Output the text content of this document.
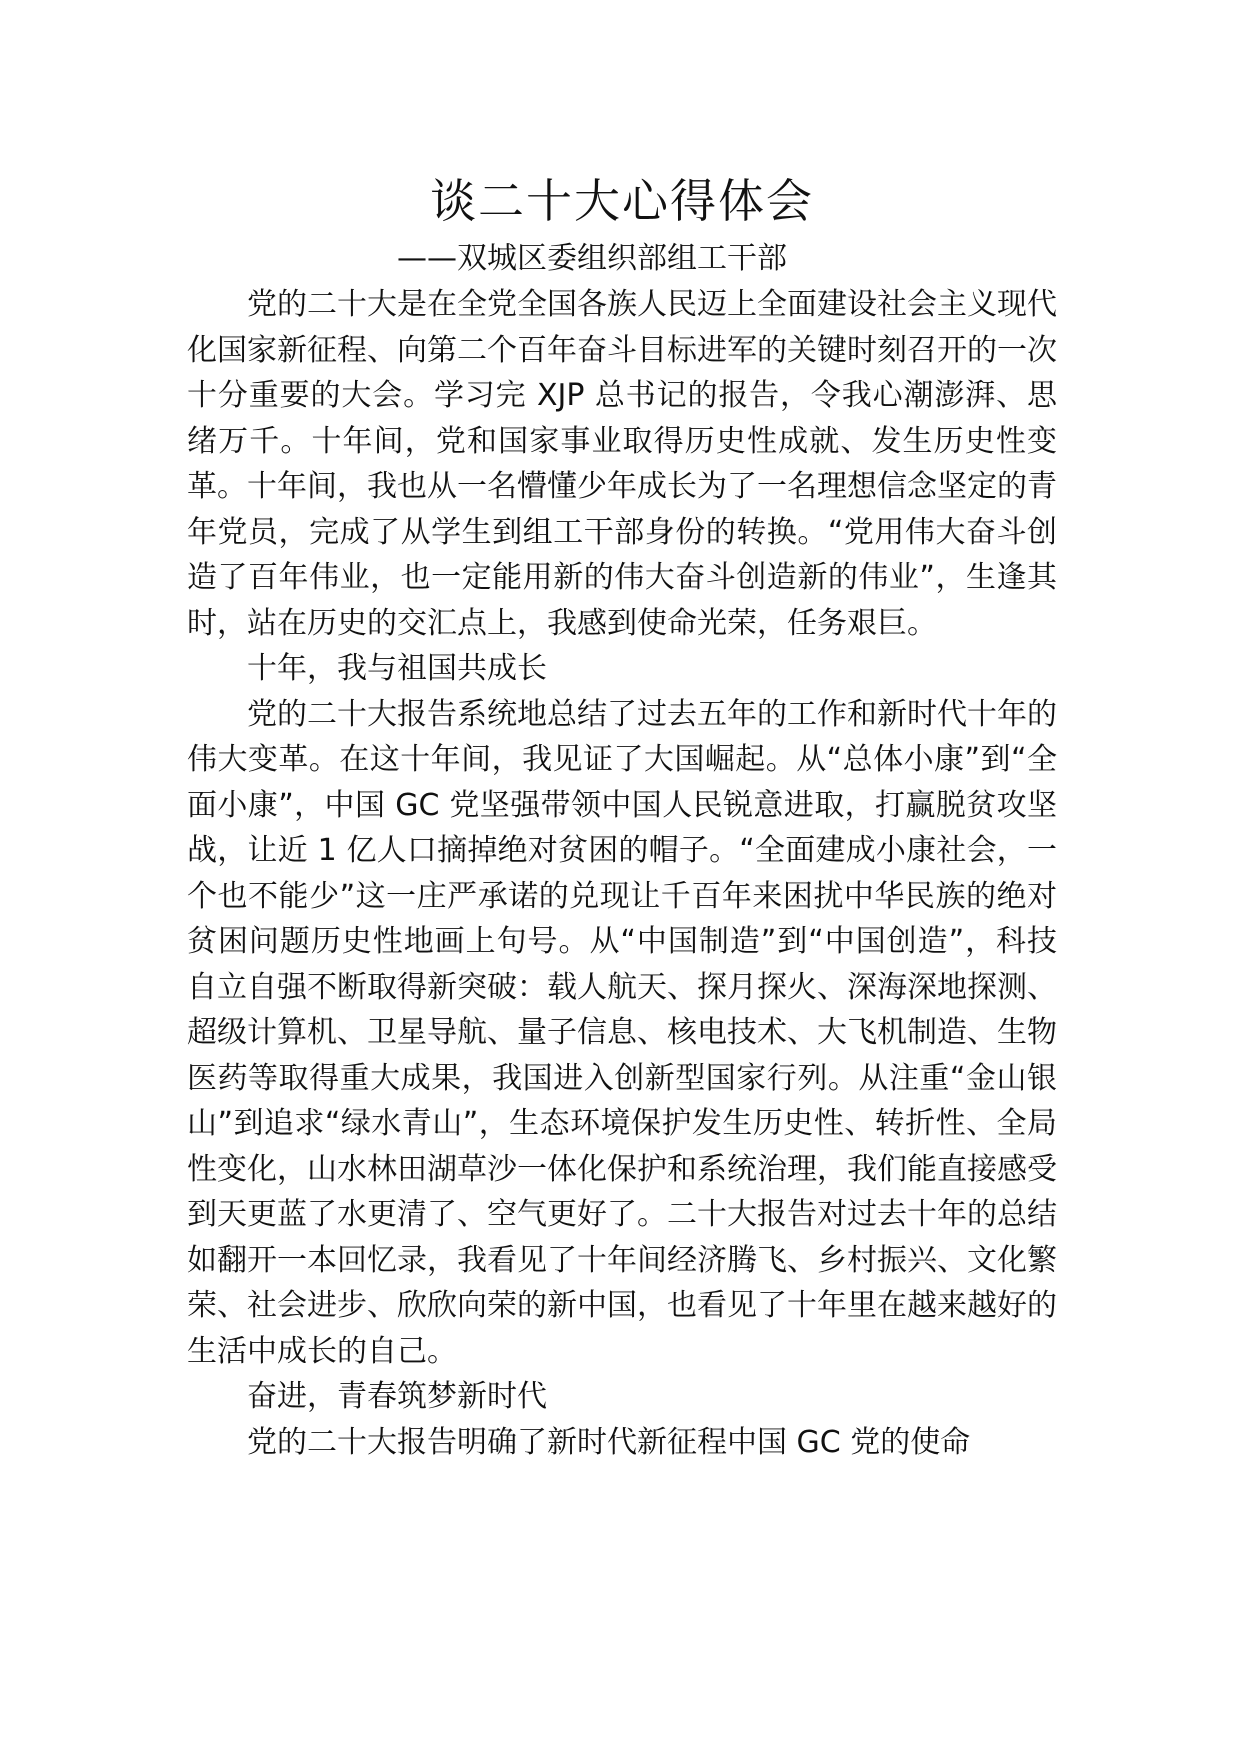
谈二十大心得体会

——双城区委组织部组工干部

党的二十大是在全党全国各族人民迈上全面建设社会主义现代化国家新征程、向第二个百年奋斗目标进军的关键时刻召开的一次十分重要的大会。学习完 XJP 总书记的报告，令我心潮澎湃、思绪万千。十年间，党和国家事业取得历史性成就、发生历史性变革。十年间，我也从一名懵懂少年成长为了一名理想信念坚定的青年党员，完成了从学生到组工干部身份的转换。“党用伟大奋斗创造了百年伟业，也一定能用新的伟大奋斗创造新的伟业”，生逢其时，站在历史的交汇点上，我感到使命光荣，任务艰巨。

十年，我与祖国共成长

党的二十大报告系统地总结了过去五年的工作和新时代十年的伟大变革。在这十年间，我见证了大国崛起。从“总体小康”到“全面小康”，中国 GC 党坚强带领中国人民锐意进取，打赢脱贫攻坚战，让近 1 亿人口摘掉绝对贫困的帽子。“全面建成小康社会，一个也不能少”这一庄严承诺的兑现让千百年来困扰中华民族的绝对贫困问题历史性地画上句号。从“中国制造”到“中国创造”，科技自立自强不断取得新突破：载人航天、探月探火、深海深地探测、超级计算机、卫星导航、量子信息、核电技术、大飞机制造、生物医药等取得重大成果，我国进入创新型国家行列。从注重“金山银山”到追求“绿水青山”，生态环境保护发生历史性、转折性、全局性变化，山水林田湖草沙一体化保护和系统治理，我们能直接感受到天更蓝了水更清了、空气更好了。二十大报告对过去十年的总结如翻开一本回忆录，我看见了十年间经济腾飞、乡村振兴、文化繁荣、社会进步、欣欣向荣的新中国，也看见了十年里在越来越好的生活中成长的自己。

奋进，青春筑梦新时代

党的二十大报告明确了新时代新征程中国 GC 党的使命
